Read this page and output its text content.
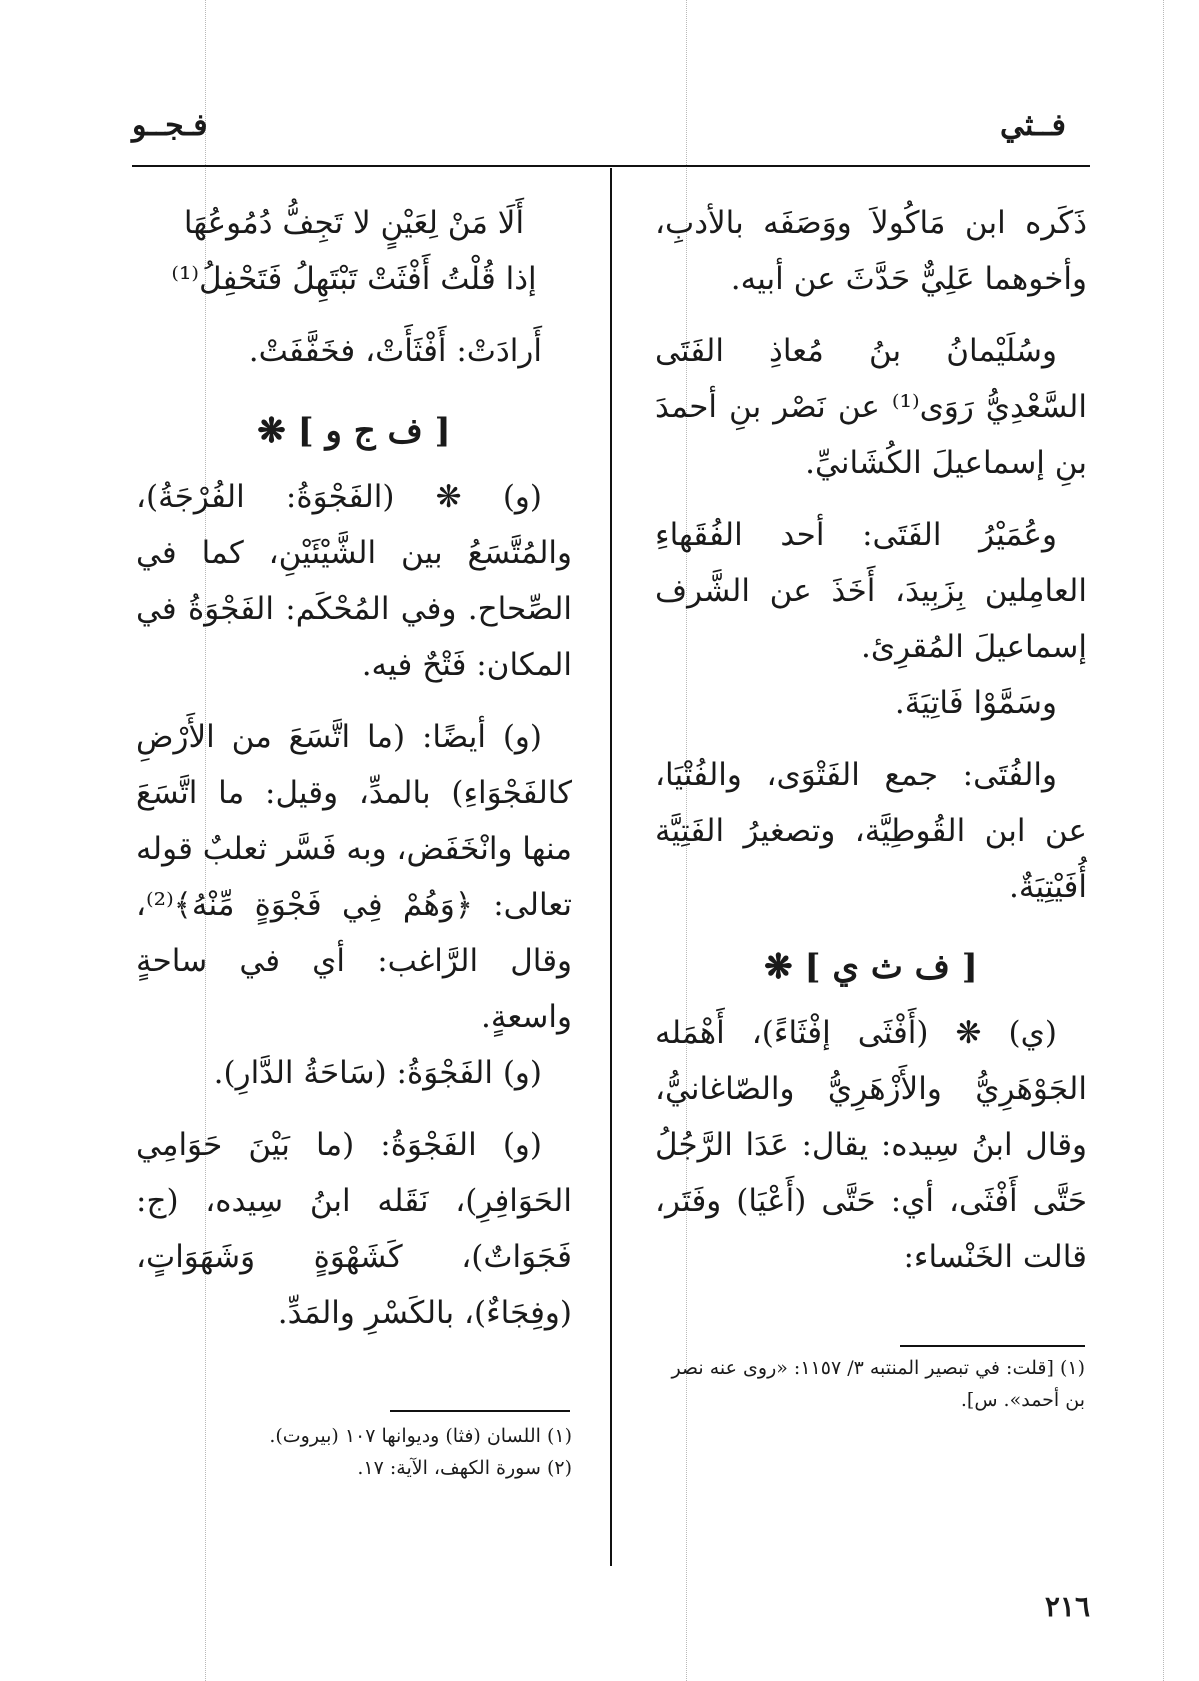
فــثي
فـجــو

ذَكَره ابن مَاكُولاَ ووَصَفَه بالأدبِ، وأخوهما عَلِيٌّ حَدَّثَ عن أبيه.

وسُلَيْمانُ بنُ مُعاذِ الفَتَى السَّعْدِيُّ رَوَى⁽¹⁾ عن نَصْر بنِ أحمدَ بنِ إسماعيلَ الكُشَانيِّ.

وعُمَيْرُ الفَتَى: أحد الفُقَهاءِ العامِلين بِزَبِيدَ، أَخَذَ عن الشَّرف إسماعيلَ المُقرِئ.

وسَمَّوْا فَاتِيَةَ.

والفُتَى: جمع الفَتْوَى، والفُتْيَا، عن ابن القُوطِيَّة، وتصغيرُ الفَتِيَّة أُفَيْتِيَةٌ.

[ ف ث ي ] ❋

(ي) ❋ (أَفْثَى إفْثَاءً)، أَهْمَله الجَوْهَرِيُّ والأَزْهَرِيُّ والصّاغانيُّ، وقال ابنُ سِيده: يقال: عَدَا الرَّجُلُ حَتَّى أَفْثَى، أي: حَتَّى (أَعْيَا) وفَتَر، قالت الخَنْساء:

(١) [قلت: في تبصير المنتبه ٣/ ١١٥٧: «روى عنه نصر بن أحمد». س].

أَلَا مَنْ لِعَيْنٍ لا تَجِفُّ دُمُوعُهَا

إذا قُلْتُ أَفْثَتْ تَبْتَهِلُ فَتَحْفِلُ⁽¹⁾

أَرادَتْ: أَفْثَأَتْ، فخَفَّفَتْ.

[ ف ج و ] ❋

(و) ❋ (الفَجْوَةُ: الفُرْجَةُ)، والمُتَّسَعُ بين الشَّيْئَيْنِ، كما في الصِّحاح. وفي المُحْكَم: الفَجْوَةُ في المكان: فَتْحٌ فيه.

(و) أيضًا: (ما اتَّسَعَ من الأَرْضِ كالفَجْوَاءِ) بالمدِّ، وقيل: ما اتَّسَعَ منها وانْخَفَض، وبه فَسَّر ثعلبٌ قوله تعالى: ﴿وَهُمْ فِي فَجْوَةٍ مِّنْهُ﴾⁽²⁾، وقال الرَّاغب: أي في ساحةٍ واسعةٍ.

(و) الفَجْوَةُ: (سَاحَةُ الدَّارِ).

(و) الفَجْوَةُ: (ما بَيْنَ حَوَامِي الحَوَافِرِ)، نَقَله ابنُ سِيده، (ج: فَجَوَاتٌ)، كَشَهْوَةٍ وَشَهَوَاتٍ، (وفِجَاءٌ)، بالكَسْرِ والمَدِّ.

(١) اللسان (فثا) وديوانها ١٠٧ (بيروت).

(٢) سورة الكهف، الآية: ١٧.

٢١٦
